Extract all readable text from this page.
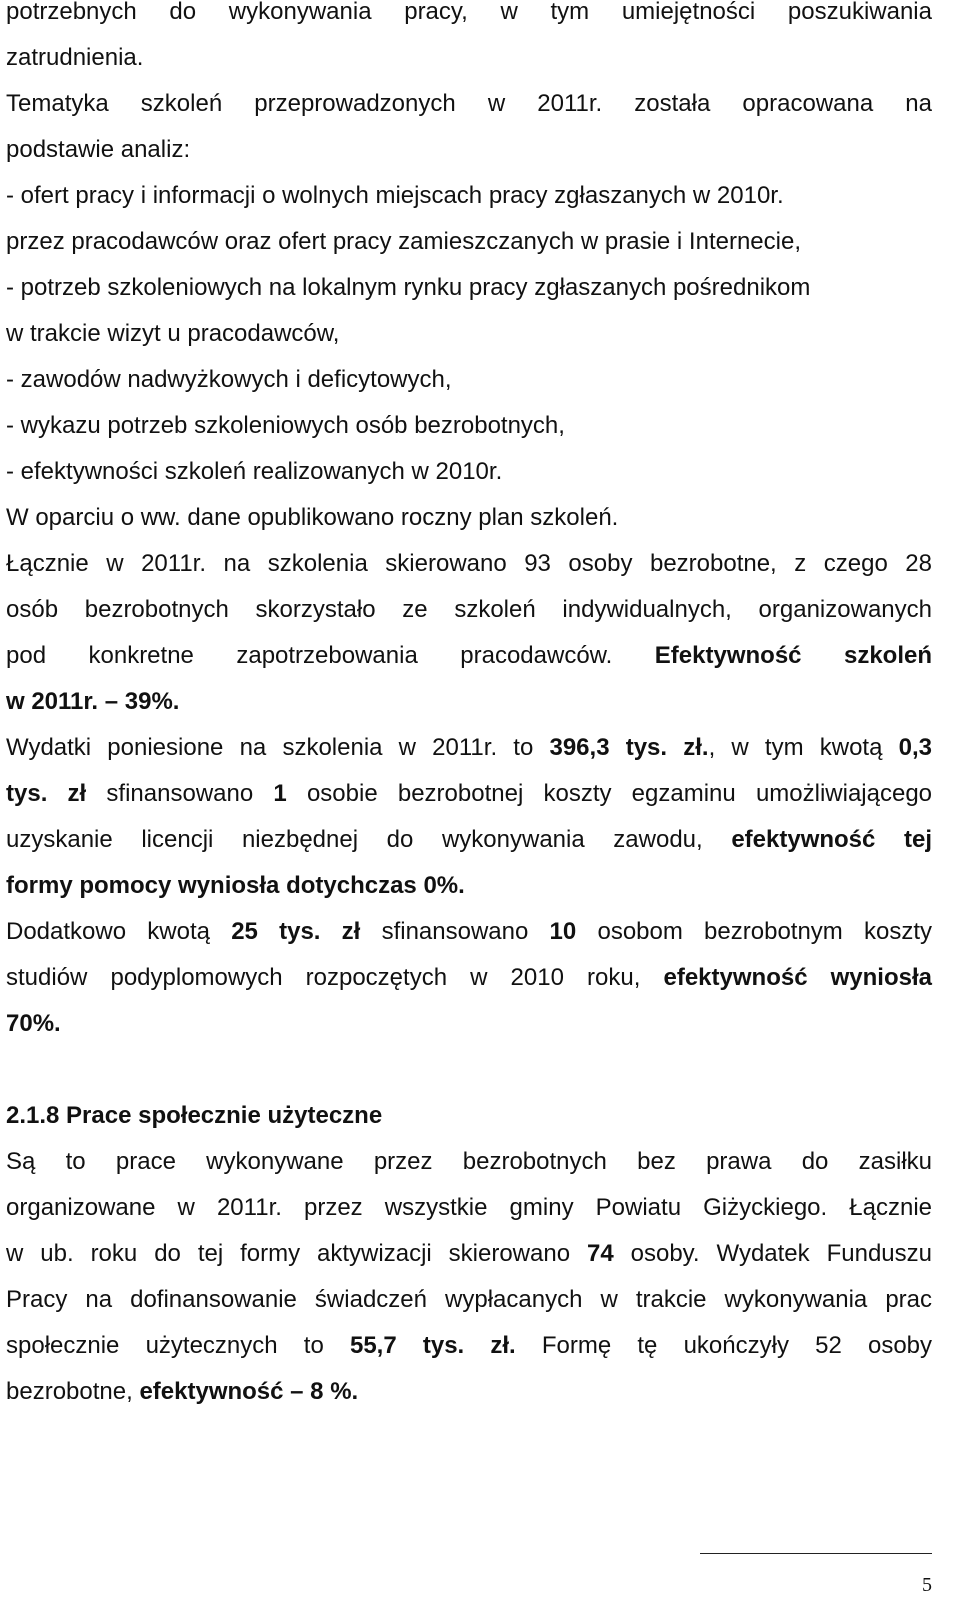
potrzebnych do wykonywania pracy, w tym umiejętności poszukiwania
zatrudnienia.
Tematyka szkoleń przeprowadzonych w 2011r. została opracowana na
podstawie analiz:
- ofert pracy i informacji o wolnych miejscach pracy zgłaszanych w 2010r.
przez pracodawców oraz ofert pracy zamieszczanych w prasie i Internecie,
- potrzeb szkoleniowych na lokalnym rynku pracy zgłaszanych pośrednikom
w trakcie wizyt u pracodawców,
- zawodów nadwyżkowych i deficytowych,
- wykazu potrzeb szkoleniowych osób bezrobotnych,
- efektywności szkoleń realizowanych w 2010r.
W oparciu o ww. dane opublikowano roczny plan szkoleń.
Łącznie w 2011r. na szkolenia skierowano 93 osoby bezrobotne, z czego 28
osób bezrobotnych skorzystało ze szkoleń indywidualnych, organizowanych
pod konkretne zapotrzebowania pracodawców. Efektywność szkoleń
w 2011r. – 39%.
Wydatki poniesione na szkolenia w 2011r. to 396,3 tys. zł., w tym kwotą 0,3
tys. zł sfinansowano 1 osobie bezrobotnej koszty egzaminu umożliwiającego
uzyskanie licencji niezbędnej do wykonywania zawodu, efektywność tej
formy pomocy wyniosła dotychczas 0%.
Dodatkowo kwotą 25 tys. zł sfinansowano 10 osobom bezrobotnym koszty
studiów podyplomowych rozpoczętych w 2010 roku, efektywność wyniosła
70%.
2.1.8 Prace społecznie użyteczne
Są to prace wykonywane przez bezrobotnych bez prawa do zasiłku
organizowane w 2011r. przez wszystkie gminy Powiatu Giżyckiego. Łącznie
w ub. roku do tej formy aktywizacji skierowano 74 osoby. Wydatek Funduszu
Pracy na dofinansowanie świadczeń wypłacanych w trakcie wykonywania prac
społecznie użytecznych to 55,7 tys. zł. Formę tę ukończyły 52 osoby
bezrobotne, efektywność – 8 %.
5
